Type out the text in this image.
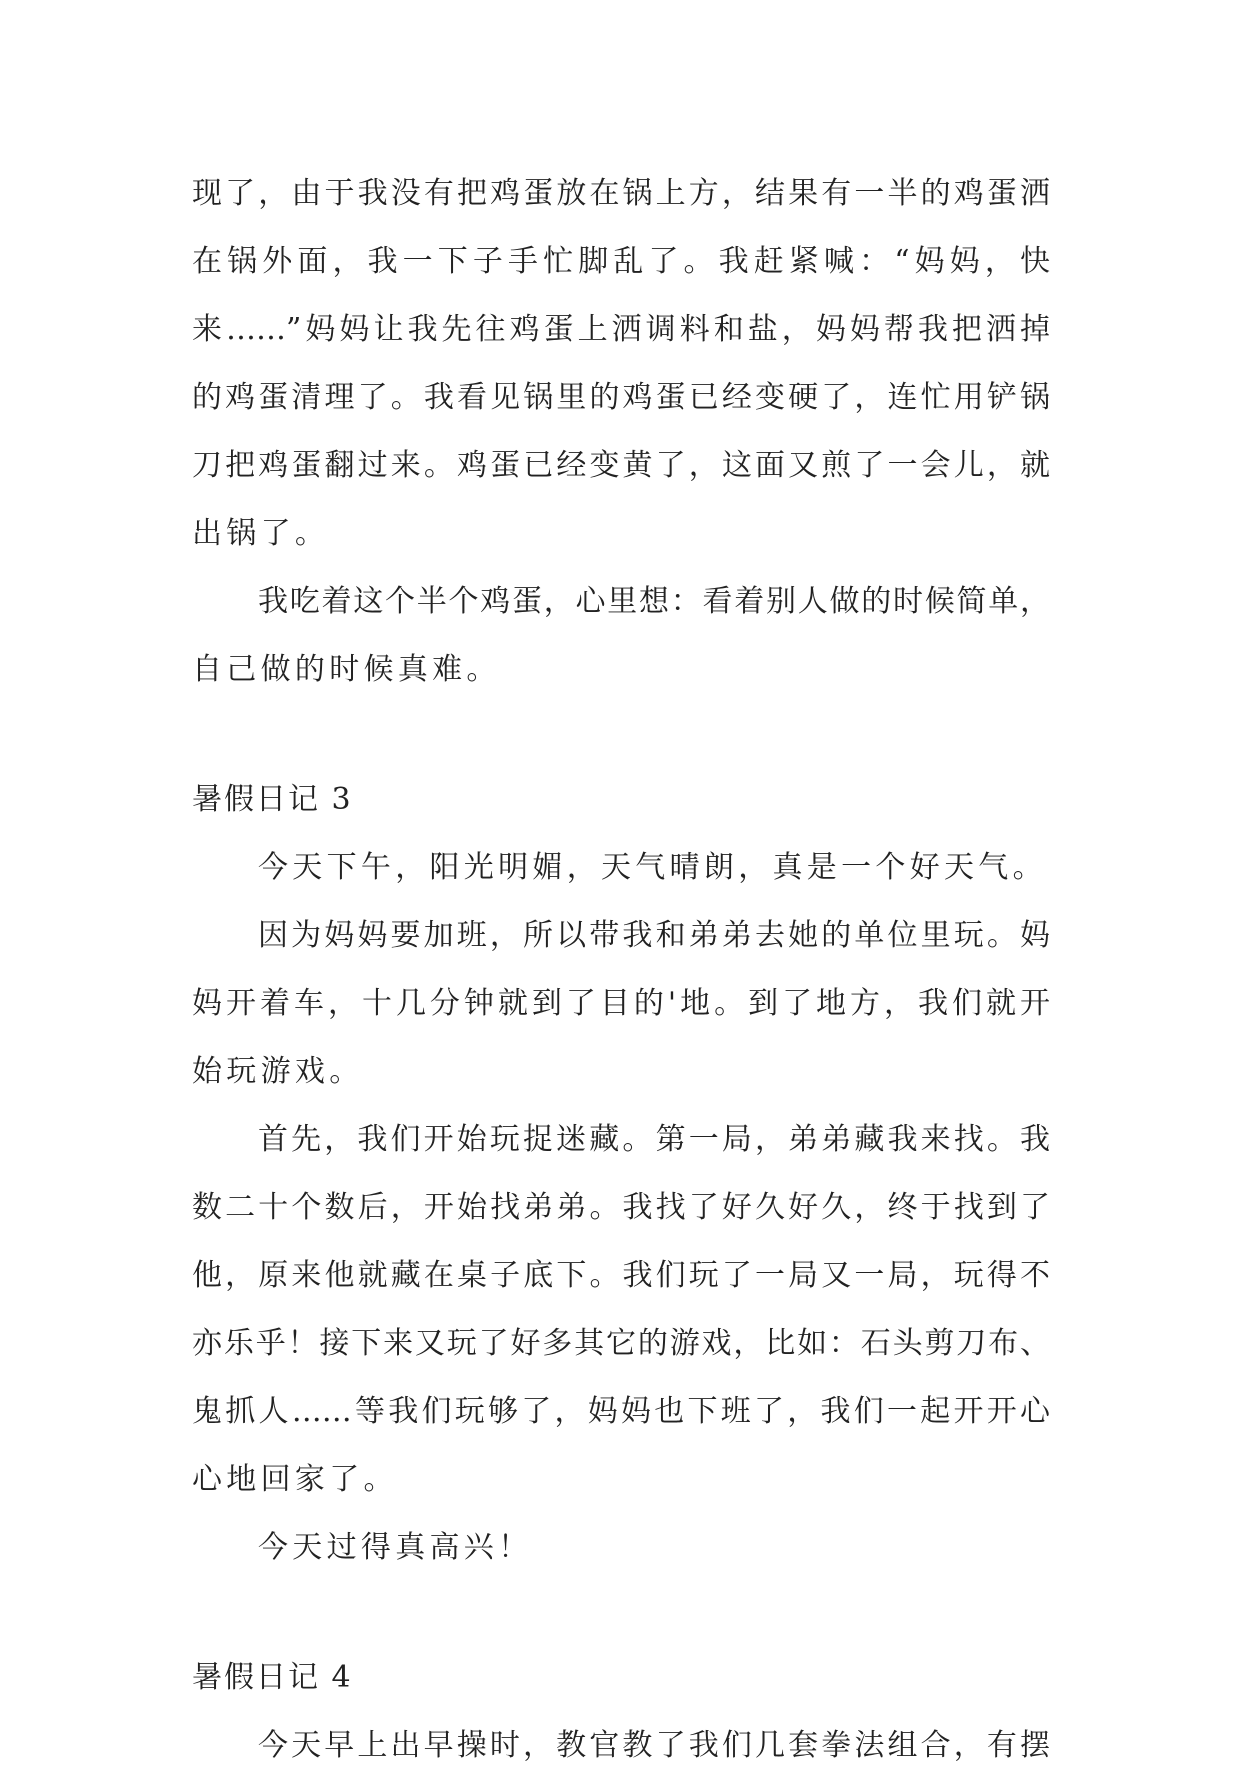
现了，由于我没有把鸡蛋放在锅上方，结果有一半的鸡蛋洒
在锅外面，我一下子手忙脚乱了。我赶紧喊：“妈妈，快
来……”妈妈让我先往鸡蛋上洒调料和盐，妈妈帮我把洒掉
的鸡蛋清理了。我看见锅里的鸡蛋已经变硬了，连忙用铲锅
刀把鸡蛋翻过来。鸡蛋已经变黄了，这面又煎了一会儿，就
出锅了。
我吃着这个半个鸡蛋，心里想：看着别人做的时候简单，
自己做的时候真难。
暑假日记 3
今天下午，阳光明媚，天气晴朗，真是一个好天气。
因为妈妈要加班，所以带我和弟弟去她的单位里玩。妈
妈开着车，十几分钟就到了目的'地。到了地方，我们就开
始玩游戏。
首先，我们开始玩捉迷藏。第一局，弟弟藏我来找。我
数二十个数后，开始找弟弟。我找了好久好久，终于找到了
他，原来他就藏在桌子底下。我们玩了一局又一局，玩得不
亦乐乎！接下来又玩了好多其它的游戏，比如：石头剪刀布、
鬼抓人……等我们玩够了，妈妈也下班了，我们一起开开心
心地回家了。
今天过得真高兴！
暑假日记 4
今天早上出早操时，教官教了我们几套拳法组合，有摆
